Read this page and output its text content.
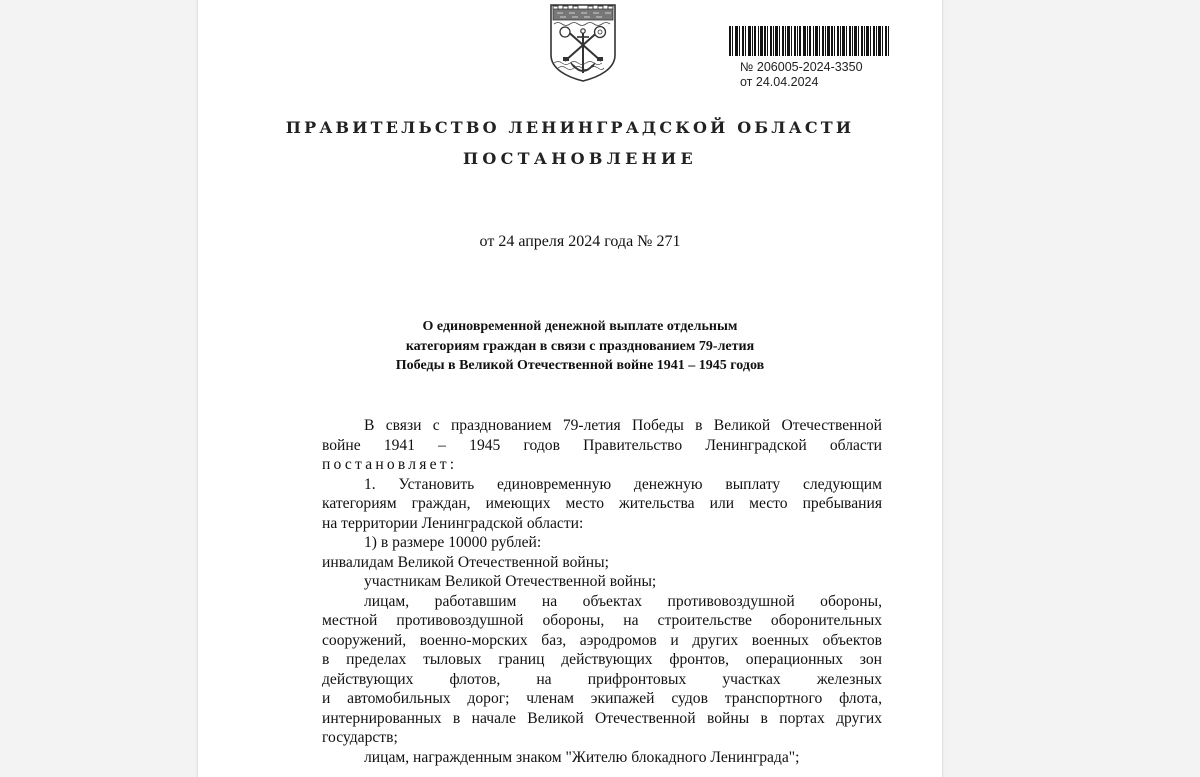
№ 206005-2024-3350
от 24.04.2024
ПРАВИТЕЛЬСТВО ЛЕНИНГРАДСКОЙ ОБЛАСТИ
ПОСТАНОВЛЕНИЕ
от 24 апреля 2024 года № 271
О единовременной денежной выплате отдельным
категориям граждан в связи с празднованием 79-летия
Победы в Великой Отечественной войне 1941 – 1945 годов
В связи с празднованием 79-летия Победы в Великой Отечественной
войне 1941 – 1945 годов Правительство Ленинградской области
постановляет:
1. Установить единовременную денежную выплату следующим
категориям граждан, имеющих место жительства или место пребывания
на территории Ленинградской области:
1) в размере 10000 рублей:
инвалидам Великой Отечественной войны;
участникам Великой Отечественной войны;
лицам, работавшим на объектах противовоздушной обороны,
местной противовоздушной обороны, на строительстве оборонительных
сооружений, военно-морских баз, аэродромов и других военных объектов
в пределах тыловых границ действующих фронтов, операционных зон
действующих флотов, на прифронтовых участках железных
и автомобильных дорог; членам экипажей судов транспортного флота,
интернированных в начале Великой Отечественной войны в портах других
государств;
лицам, награжденным знаком "Жителю блокадного Ленинграда";
